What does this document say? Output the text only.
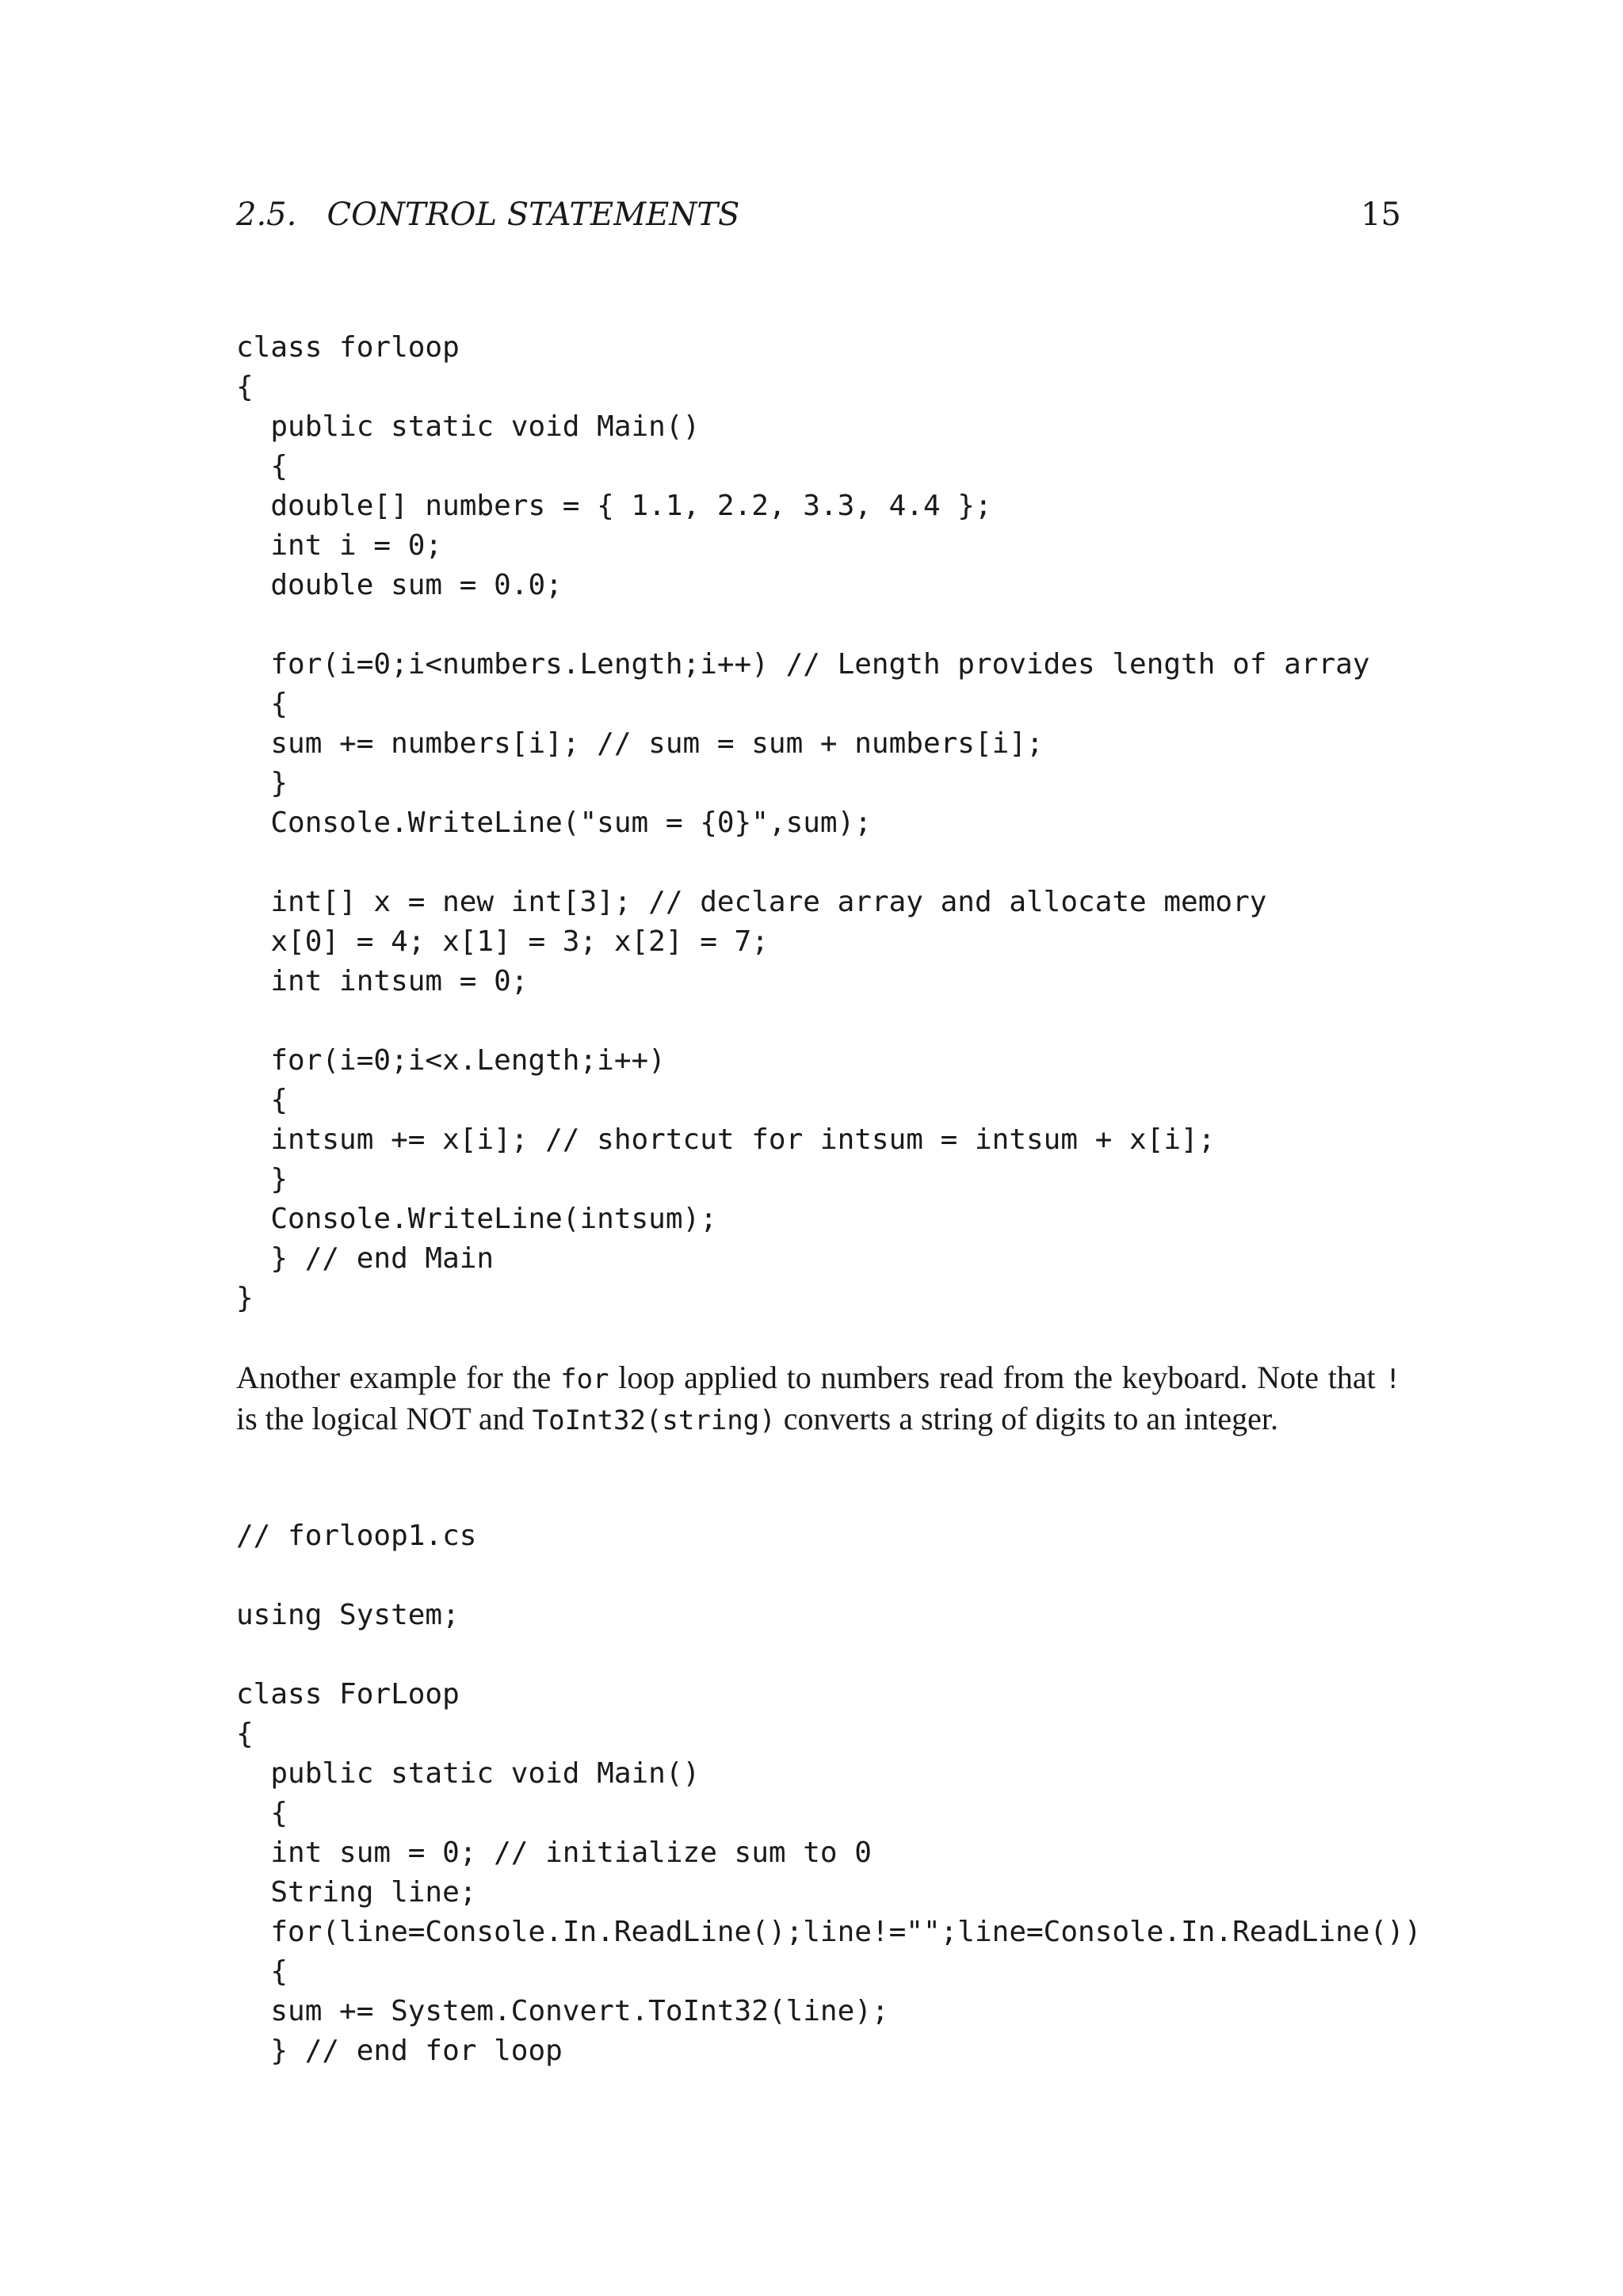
2.5.   CONTROL STATEMENTS	15
class forloop
{
public static void Main()
{
double[] numbers = { 1.1, 2.2, 3.3, 4.4 };
int i = 0;
double sum = 0.0;

for(i=0;i<numbers.Length;i++) // Length provides length of array
{
sum += numbers[i]; // sum = sum + numbers[i];
}
Console.WriteLine("sum = {0}",sum);

int[] x = new int[3]; // declare array and allocate memory
x[0] = 4; x[1] = 3; x[2] = 7;
int intsum = 0;

for(i=0;i<x.Length;i++)
{
intsum += x[i]; // shortcut for intsum = intsum + x[i];
}
Console.WriteLine(intsum);
} // end Main
}

Another example for the for loop applied to numbers read from the keyboard. Note that ! is the logical NOT and ToInt32(string) converts a string of digits to an integer.

// forloop1.cs

using System;

class ForLoop
{
public static void Main()
{
int sum = 0; // initialize sum to 0
String line;
for(line=Console.In.ReadLine();line!="";line=Console.In.ReadLine())
{
sum += System.Convert.ToInt32(line);
} // end for loop
